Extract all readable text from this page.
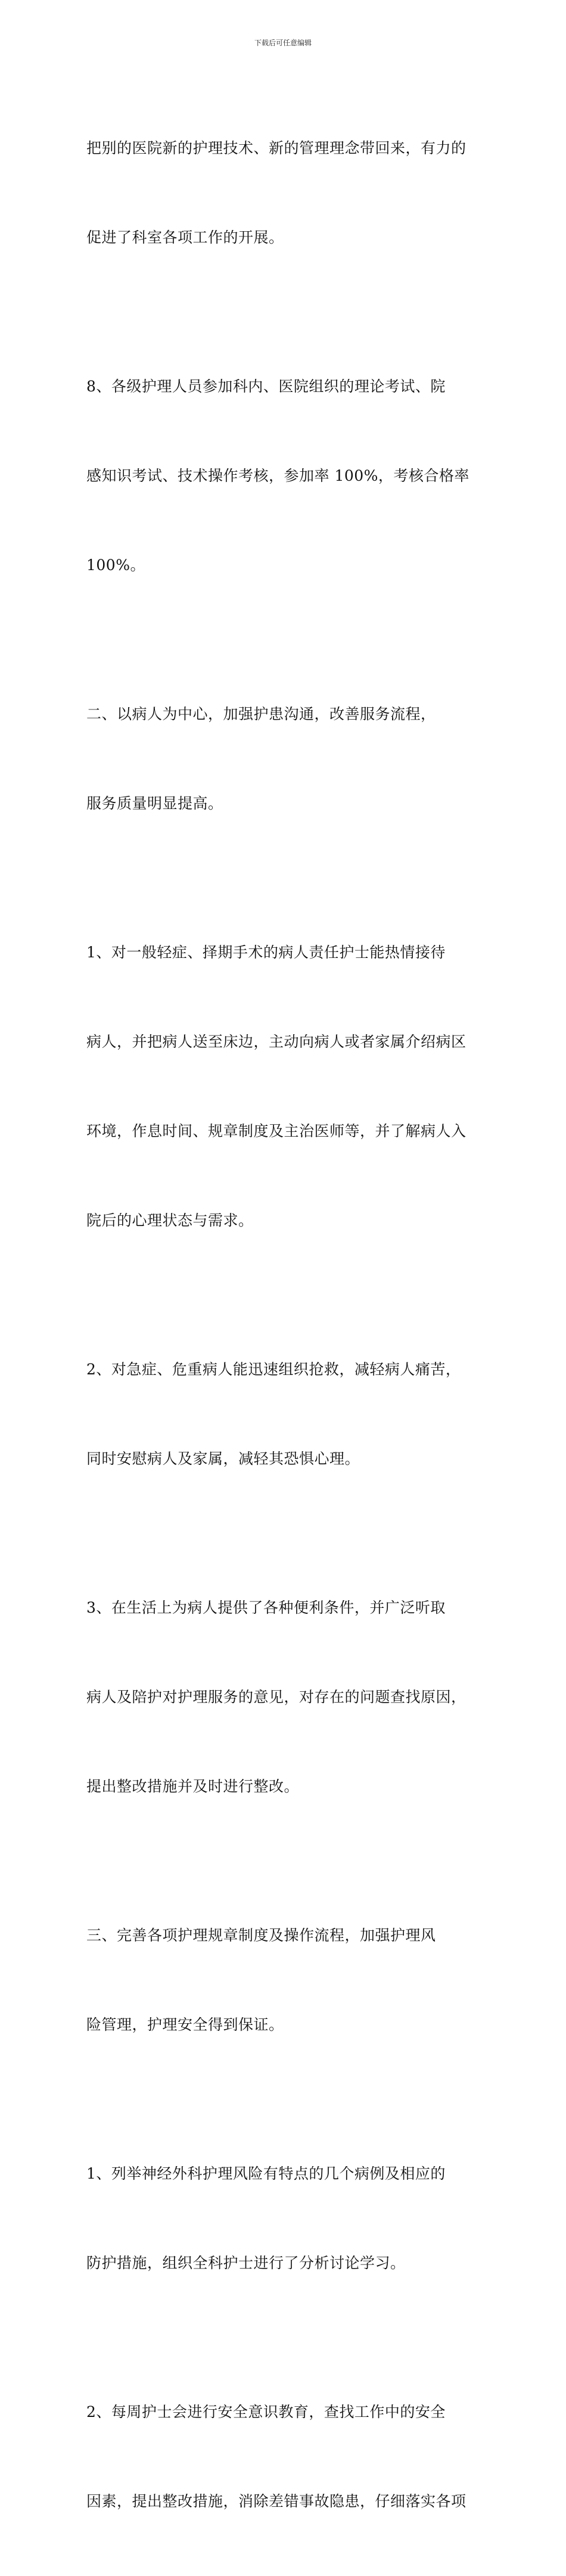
下载后可任意编辑

把别的医院新的护理技术、新的管理理念带回来，有力的

促进了科室各项工作的开展。

8、各级护理人员参加科内、医院组织的理论考试、院

感知识考试、技术操作考核，参加率 100%，考核合格率

100%。

二、以病人为中心，加强护患沟通，改善服务流程，

服务质量明显提高。

1、对一般轻症、择期手术的病人责任护士能热情接待

病人，并把病人送至床边，主动向病人或者家属介绍病区

环境，作息时间、规章制度及主治医师等，并了解病人入

院后的心理状态与需求。

2、对急症、危重病人能迅速组织抢救，减轻病人痛苦，

同时安慰病人及家属，减轻其恐惧心理。

3、在生活上为病人提供了各种便利条件，并广泛听取

病人及陪护对护理服务的意见，对存在的问题查找原因，

提出整改措施并及时进行整改。

三、完善各项护理规章制度及操作流程，加强护理风

险管理，护理安全得到保证。

1、列举神经外科护理风险有特点的几个病例及相应的

防护措施，组织全科护士进行了分析讨论学习。

2、每周护士会进行安全意识教育，查找工作中的安全

因素，提出整改措施，消除差错事故隐患，仔细落实各项
